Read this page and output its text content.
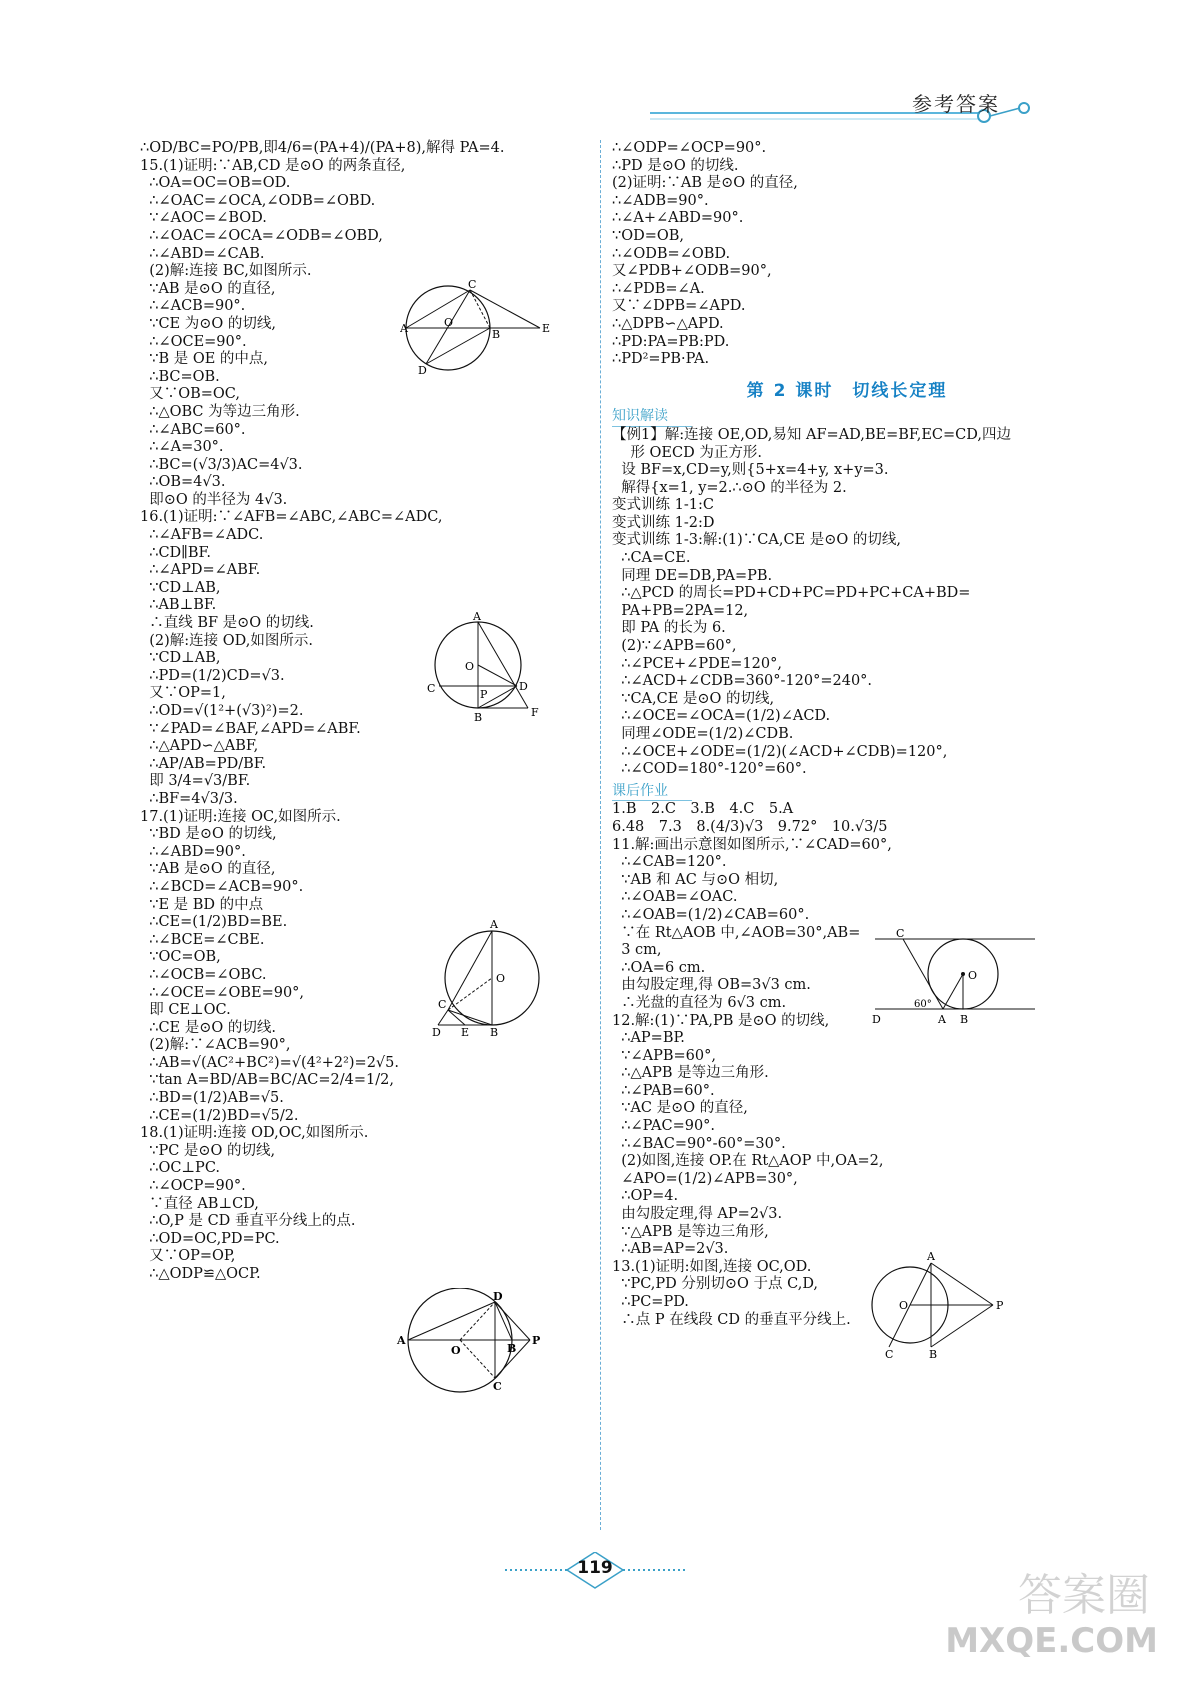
参考答案
∴OD/BC=PO/PB,即4/6=(PA+4)/(PA+8),解得 PA=4.
15.(1)证明:∵AB,CD 是⊙O 的两条直径,
∴OA=OC=OB=OD.
∴∠OAC=∠OCA,∠ODB=∠OBD.
∵∠AOC=∠BOD.
∴∠OAC=∠OCA=∠ODB=∠OBD,
∴∠ABD=∠CAB.
(2)解:连接 BC,如图所示.
∵AB 是⊙O 的直径,
∴∠ACB=90°.
∵CE 为⊙O 的切线,
∴∠OCE=90°.
∵B 是 OE 的中点,
∴BC=OB.
又∵OB=OC,
∴△OBC 为等边三角形.
∴∠ABC=60°.
∴∠A=30°.
∴BC=(√3/3)AC=4√3.
∴OB=4√3.
即⊙O 的半径为 4√3.
16.(1)证明:∵∠AFB=∠ABC,∠ABC=∠ADC,
∴∠AFB=∠ADC.
∴CD∥BF.
∴∠APD=∠ABF.
∵CD⊥AB,
∴AB⊥BF.
∴直线 BF 是⊙O 的切线.
(2)解:连接 OD,如图所示.
∵CD⊥AB,
∴PD=(1/2)CD=√3.
又∵OP=1,
∴OD=√(1²+(√3)²)=2.
∵∠PAD=∠BAF,∠APD=∠ABF.
∴△APD∽△ABF,
∴AP/AB=PD/BF.
即 3/4=√3/BF.
∴BF=4√3/3.
17.(1)证明:连接 OC,如图所示.
∵BD 是⊙O 的切线,
∴∠ABD=90°.
∵AB 是⊙O 的直径,
∴∠BCD=∠ACB=90°.
∵E 是 BD 的中点
∴CE=(1/2)BD=BE.
∴∠BCE=∠CBE.
∵OC=OB,
∴∠OCB=∠OBC.
∴∠OCE=∠OBE=90°,
即 CE⊥OC.
∴CE 是⊙O 的切线.
(2)解:∵∠ACB=90°,
∴AB=√(AC²+BC²)=√(4²+2²)=2√5.
∵tan A=BD/AB=BC/AC=2/4=1/2,
∴BD=(1/2)AB=√5.
∴CE=(1/2)BD=√5/2.
18.(1)证明:连接 OD,OC,如图所示.
∵PC 是⊙O 的切线,
∴OC⊥PC.
∴∠OCP=90°.
∵直径 AB⊥CD,
∴O,P 是 CD 垂直平分线上的点.
∴OD=OC,PD=PC.
又∵OP=OP,
∴△ODP≌△OCP.
∴∠ODP=∠OCP=90°.
∴PD 是⊙O 的切线.
(2)证明:∵AB 是⊙O 的直径,
∴∠ADB=90°.
∴∠A+∠ABD=90°.
∵OD=OB,
∴∠ODB=∠OBD.
又∠PDB+∠ODB=90°,
∴∠PDB=∠A.
又∵∠DPB=∠APD.
∴△DPB∽△APD.
∴PD:PA=PB:PD.
∴PD²=PB·PA.
第 2 课时　切线长定理
知识解读
【例1】解:连接 OE,OD,易知 AF=AD,BE=BF,EC=CD,四边
形 OECD 为正方形.
设 BF=x,CD=y,则{5+x=4+y, x+y=3.
解得{x=1, y=2.∴⊙O 的半径为 2.
变式训练 1-1:C
变式训练 1-2:D
变式训练 1-3:解:(1)∵CA,CE 是⊙O 的切线,
∴CA=CE.
同理 DE=DB,PA=PB.
∴△PCD 的周长=PD+CD+PC=PD+PC+CA+BD=
PA+PB=2PA=12,
即 PA 的长为 6.
(2)∵∠APB=60°,
∴∠PCE+∠PDE=120°,
∴∠ACD+∠CDB=360°-120°=240°.
∵CA,CE 是⊙O 的切线,
∴∠OCE=∠OCA=(1/2)∠ACD.
同理∠ODE=(1/2)∠CDB.
∴∠OCE+∠ODE=(1/2)(∠ACD+∠CDB)=120°,
∴∠COD=180°-120°=60°.
课后作业
1.B　2.C　3.B　4.C　5.A
6.48　7.3　8.(4/3)√3　9.72°　10.√3/5
11.解:画出示意图如图所示,∵∠CAD=60°,
∴∠CAB=120°.
∵AB 和 AC 与⊙O 相切,
∴∠OAB=∠OAC.
∴∠OAB=(1/2)∠CAB=60°.
∵在 Rt△AOB 中,∠AOB=30°,AB=
3 cm,
∴OA=6 cm.
由勾股定理,得 OB=3√3 cm.
∴光盘的直径为 6√3 cm.
12.解:(1)∵PA,PB 是⊙O 的切线,
∴AP=BP.
∵∠APB=60°,
∴△APB 是等边三角形.
∴∠PAB=60°.
∵AC 是⊙O 的直径,
∴∠PAC=90°.
∴∠BAC=90°-60°=30°.
(2)如图,连接 OP.在 Rt△AOP 中,OA=2,
∠APO=(1/2)∠APB=30°,
∴OP=4.
由勾股定理,得 AP=2√3.
∵△APB 是等边三角形,
∴AB=AP=2√3.
13.(1)证明:如图,连接 OC,OD.
∵PC,PD 分别切⊙O 于点 C,D,
∴PC=PD.
∴点 P 在线段 CD 的垂直平分线上.
A	O
B	E
C
D
A
O
C	P
D
B	F
A
O
C
D E B
A
O	B
P
D
C
C
O
60°
D	A B
A
O	P
C	B
119
答案圈
MXQE.COM
